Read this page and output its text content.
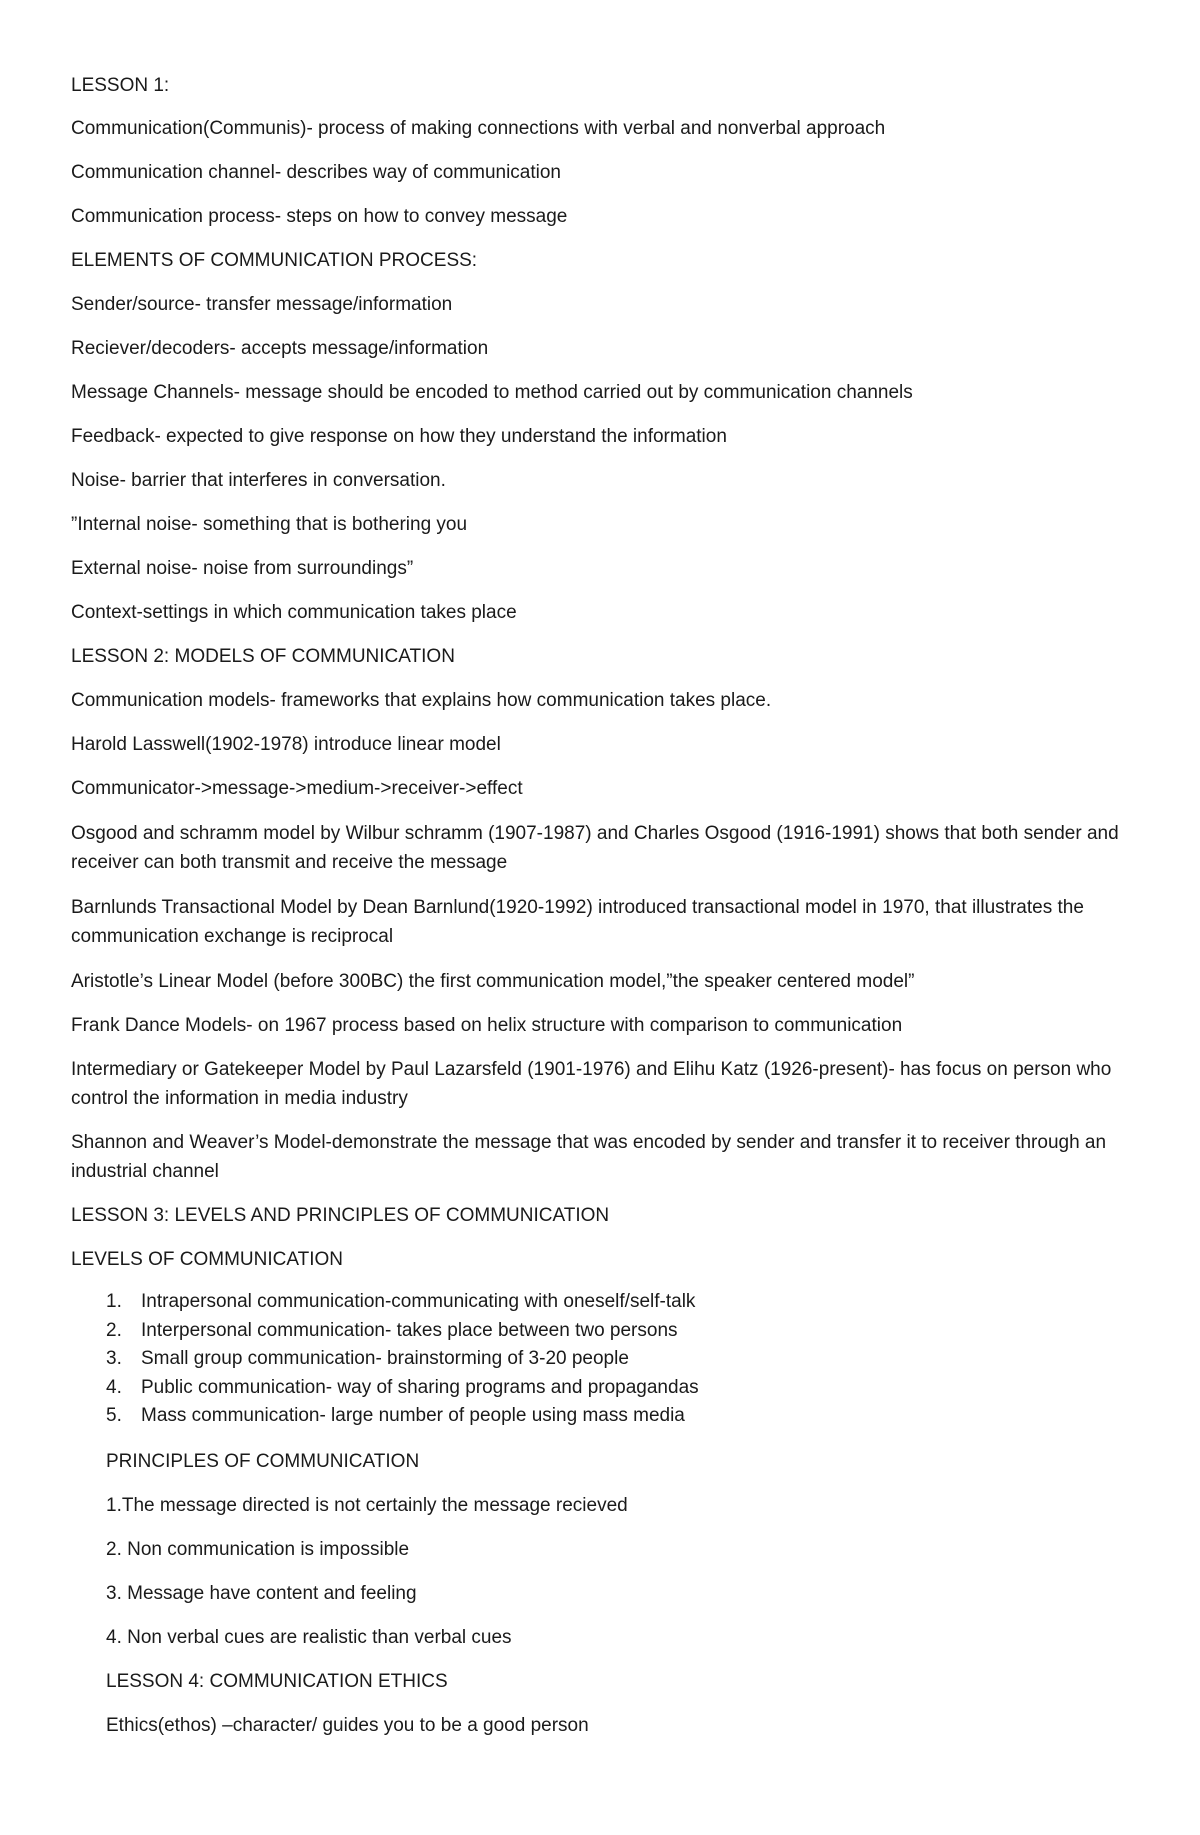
LESSON 1:
Communication(Communis)- process of making connections with verbal and nonverbal approach
Communication channel- describes way of communication
Communication process- steps on how to convey message
ELEMENTS OF COMMUNICATION PROCESS:
Sender/source- transfer message/information
Reciever/decoders- accepts message/information
Message Channels- message should be encoded to method carried out by communication channels
Feedback- expected to give response on how they understand the information
Noise- barrier that interferes in conversation.
”Internal noise- something that is bothering you
External noise- noise from surroundings”
Context-settings in which communication takes place
LESSON 2: MODELS OF COMMUNICATION
Communication models- frameworks that explains how communication takes place.
Harold Lasswell(1902-1978) introduce linear model
Communicator->message->medium->receiver->effect
Osgood and schramm model by Wilbur schramm (1907-1987) and Charles Osgood (1916-1991) shows that both sender and receiver can both transmit and receive the message
Barnlunds Transactional Model by Dean Barnlund(1920-1992) introduced transactional model in 1970, that illustrates the communication exchange is reciprocal
Aristotle’s Linear Model (before 300BC) the first communication model,”the speaker centered model”
Frank Dance Models- on 1967 process based on helix structure with comparison to communication
Intermediary or Gatekeeper Model by Paul Lazarsfeld (1901-1976) and Elihu Katz (1926-present)- has focus on person who control the information in media industry
Shannon and Weaver’s Model-demonstrate the message that was encoded by sender and transfer it to receiver through an industrial channel
LESSON 3: LEVELS AND PRINCIPLES OF COMMUNICATION
LEVELS OF COMMUNICATION
1. Intrapersonal communication-communicating with oneself/self-talk
2. Interpersonal communication- takes place between two persons
3. Small group communication- brainstorming of 3-20 people
4. Public communication- way of sharing programs and propagandas
5. Mass communication- large number of people using mass media
PRINCIPLES OF COMMUNICATION
1.The message directed is not certainly the message recieved
2. Non communication is impossible
3. Message have content and feeling
4. Non verbal cues are realistic than verbal cues
LESSON 4: COMMUNICATION ETHICS
Ethics(ethos) –character/ guides you to be a good person
